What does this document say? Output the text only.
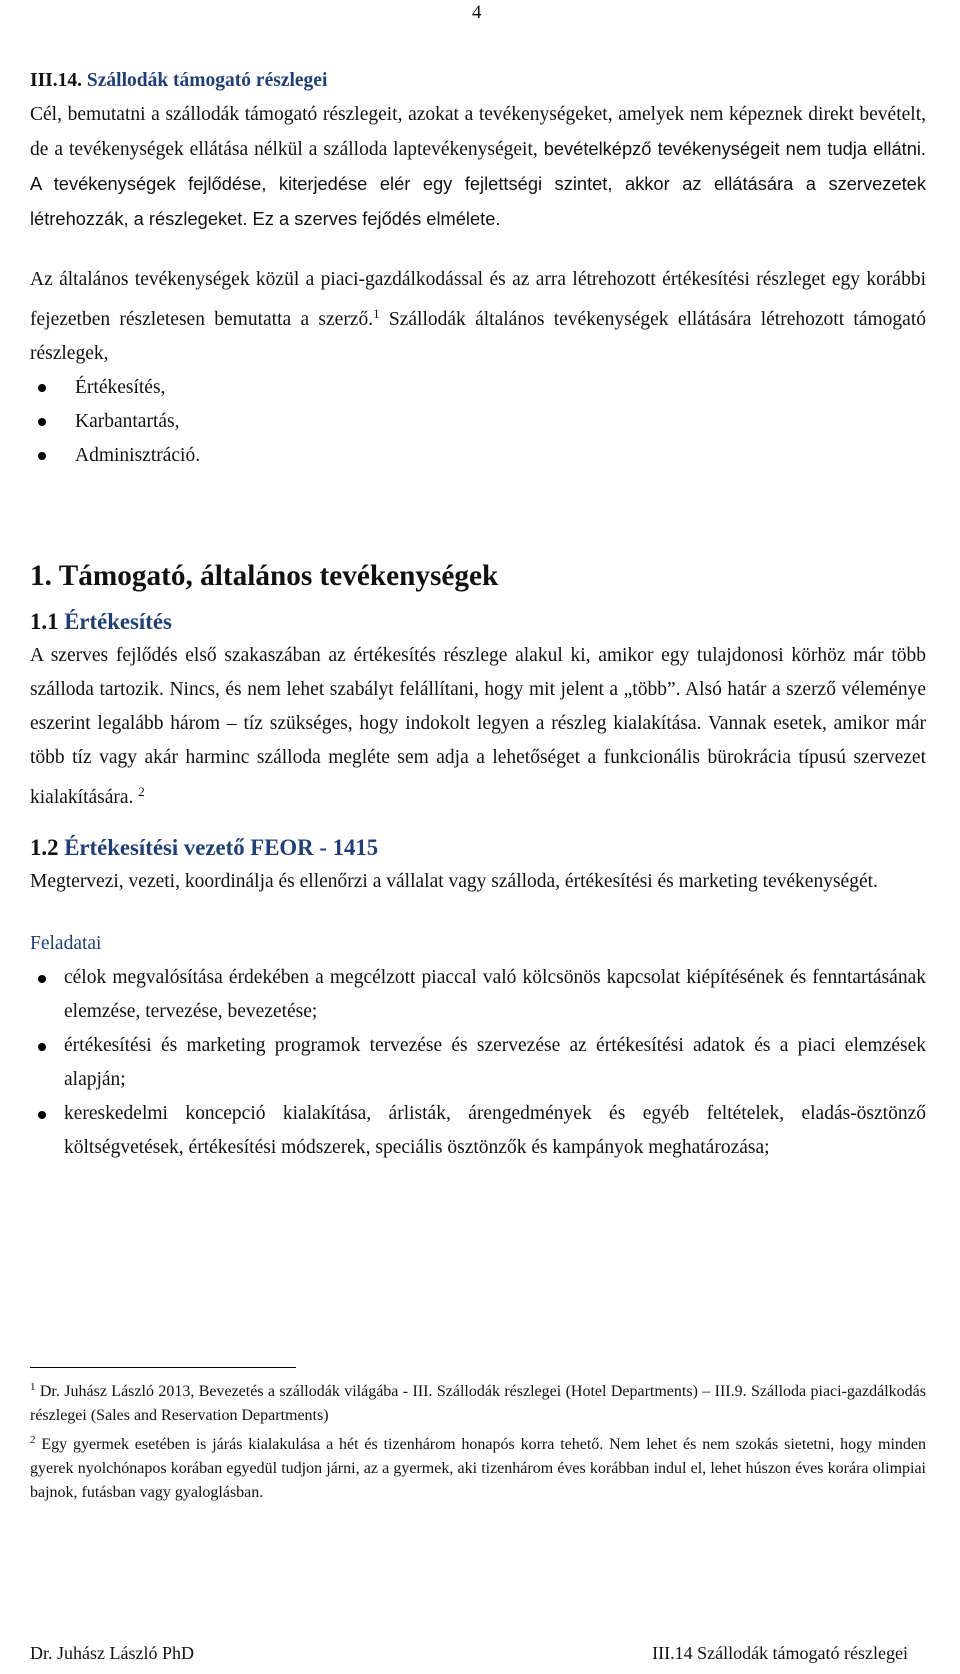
4
III.14. Szállodák támogató részlegei

Cél, bemutatni a szállodák támogató részlegeit, azokat a tevékenységeket, amelyek nem képeznek direkt bevételt, de a tevékenységek ellátása nélkül a szálloda laptevékenységeit, bevételképző tevékenységeit nem tudja ellátni. A tevékenységek fejlődése, kiterjedése elér egy fejlettségi szintet, akkor az ellátására a szervezetek létrehozzák, a részlegeket. Ez a szerves fejődés elmélete.

Az általános tevékenységek közül a piaci-gazdálkodással és az arra létrehozott értékesítési részleget egy korábbi fejezetben részletesen bemutatta a szerző.$^1$ Szállodák általános tevékenységek ellátására létrehozott támogató részlegek,

Értékesítés,
Karbantartás,
Adminisztráció.
1. Támogató, általános tevékenységek
1.1 Értékesítés

A szerves fejlődés első szakaszában az értékesítés részlege alakul ki, amikor egy tulajdonosi körhöz már több szálloda tartozik. Nincs, és nem lehet szabályt felállítani, hogy mit jelent a „több”. Alsó határ a szerző véleménye eszerint legalább három – tíz szükséges, hogy indokolt legyen a részleg kialakítása. Vannak esetek, amikor már több tíz vagy akár harminc szálloda megléte sem adja a lehetőséget a funkcionális bürokrácia típusú szervezet kialakítására. $^2$

1.2 Értékesítési vezető FEOR - 1415

Megtervezi, vezeti, koordinálja és ellenőrzi a vállalat vagy szálloda, értékesítési és marketing tevékenységét.

Feladatai

célok megvalósítása érdekében a megcélzott piaccal való kölcsönös kapcsolat kiépítésének és fenntartásának elemzése, tervezése, bevezetése;
értékesítési és marketing programok tervezése és szervezése az értékesítési adatok és a piaci elemzések alapján;
kereskedelmi koncepció kialakítása, árlisták, árengedmények és egyéb feltételek, eladás-ösztönző költségvetések, értékesítési módszerek, speciális ösztönzők és kampányok meghatározása;

$^1$ Dr. Juhász László 2013, Bevezetés a szállodák világába - III. Szállodák részlegei (Hotel Departments) – III.9. Szálloda piaci-gazdálkodás részlegei (Sales and Reservation Departments)

$^2$ Egy gyermek esetében is járás kialakulása a hét és tizenhárom honapós korra tehető. Nem lehet és nem szokás sietetni, hogy minden gyerek nyolchónapos korában egyedül tudjon járni, az a gyermek, aki tizenhárom éves korábban indul el, lehet húszon éves korára olimpiai bajnok, futásban vagy gyaloglásban.

Dr. Juhász László PhD	III.14 Szállodák támogató részlegei
